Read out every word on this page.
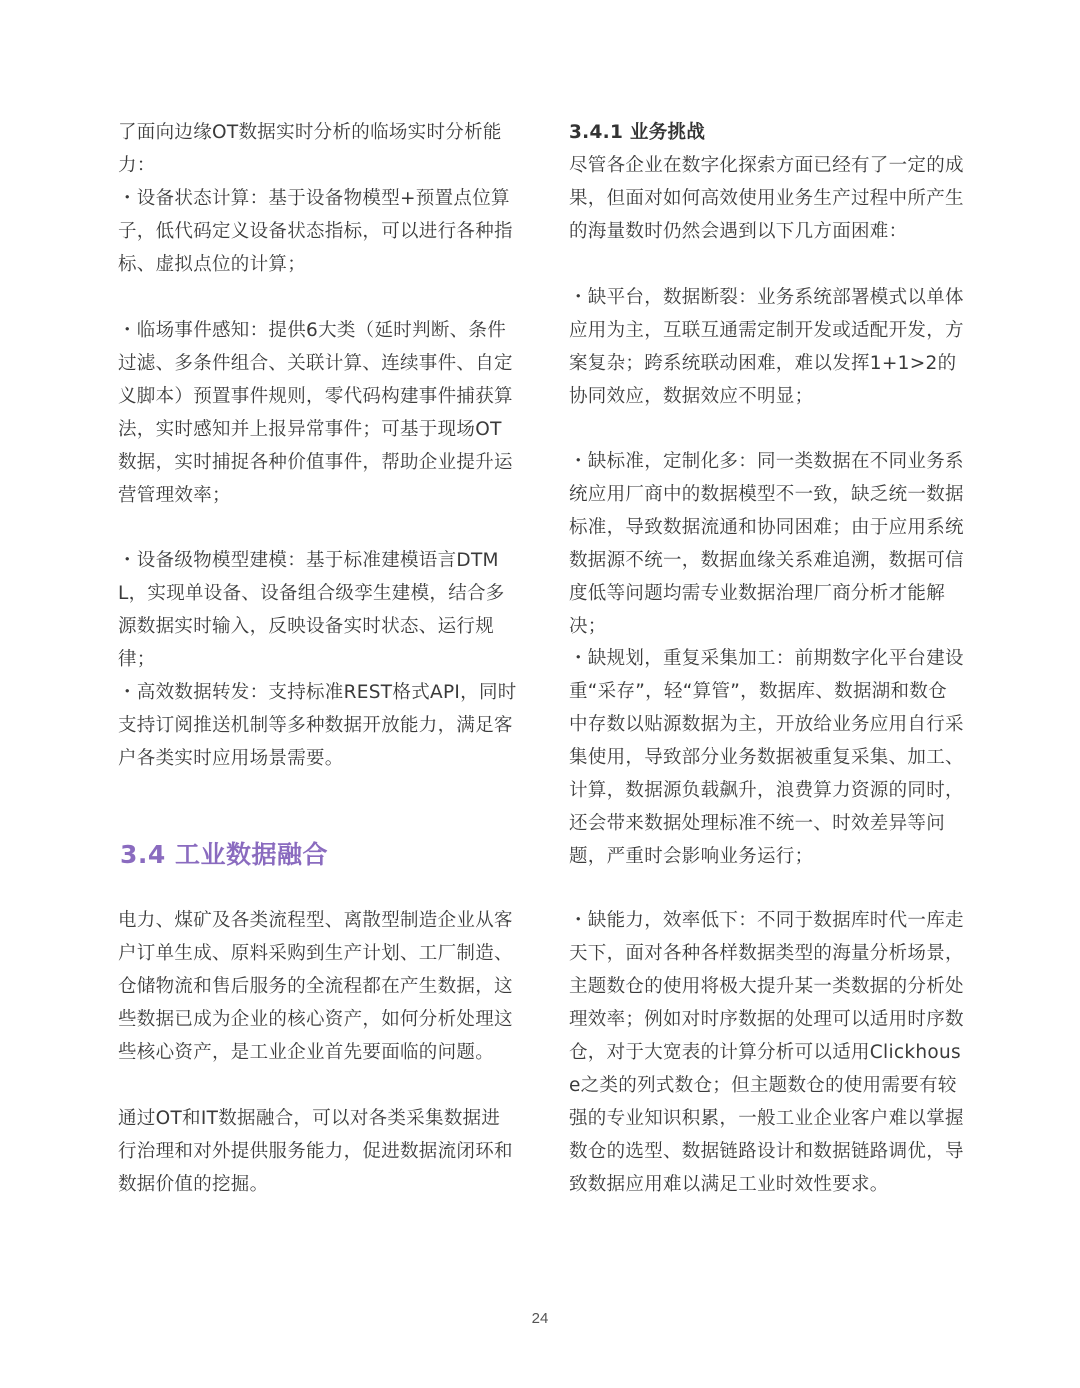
了面向边缘OT数据实时分析的临场实时分析能力：

・设备状态计算：基于设备物模型+预置点位算子，低代码定义设备状态指标，可以进行各种指标、虚拟点位的计算；

・临场事件感知：提供6大类（延时判断、条件过滤、多条件组合、关联计算、连续事件、自定义脚本）预置事件规则，零代码构建事件捕获算法，实时感知并上报异常事件；可基于现场OT数据，实时捕捉各种价值事件，帮助企业提升运营管理效率；

・设备级物模型建模：基于标准建模语言DTML，实现单设备、设备组合级孪生建模，结合多源数据实时输入，反映设备实时状态、运行规律；

・高效数据转发：支持标准REST格式API，同时支持订阅推送机制等多种数据开放能力，满足客户各类实时应用场景需要。

3.4 工业数据融合

电力、煤矿及各类流程型、离散型制造企业从客户订单生成、原料采购到生产计划、工厂制造、仓储物流和售后服务的全流程都在产生数据，这些数据已成为企业的核心资产，如何分析处理这些核心资产，是工业企业首先要面临的问题。

通过OT和IT数据融合，可以对各类采集数据进行治理和对外提供服务能力，促进数据流闭环和数据价值的挖掘。

3.4.1 业务挑战

尽管各企业在数字化探索方面已经有了一定的成果，但面对如何高效使用业务生产过程中所产生的海量数时仍然会遇到以下几方面困难：

・缺平台，数据断裂：业务系统部署模式以单体应用为主，互联互通需定制开发或适配开发，方案复杂；跨系统联动困难，难以发挥1+1>2的协同效应，数据效应不明显；

・缺标准，定制化多：同一类数据在不同业务系统应用厂商中的数据模型不一致，缺乏统一数据标准，导致数据流通和协同困难；由于应用系统数据源不统一，数据血缘关系难追溯，数据可信度低等问题均需专业数据治理厂商分析才能解决；

・缺规划，重复采集加工：前期数字化平台建设重“采存”，轻“算管”，数据库、数据湖和数仓中存数以贴源数据为主，开放给业务应用自行采集使用，导致部分业务数据被重复采集、加工、计算，数据源负载飙升，浪费算力资源的同时，还会带来数据处理标准不统一、时效差异等问题，严重时会影响业务运行；

・缺能力，效率低下：不同于数据库时代一库走天下，面对各种各样数据类型的海量分析场景，主题数仓的使用将极大提升某一类数据的分析处理效率；例如对时序数据的处理可以适用时序数仓，对于大宽表的计算分析可以适用Clickhouse之类的列式数仓；但主题数仓的使用需要有较强的专业知识积累，一般工业企业客户难以掌握数仓的选型、数据链路设计和数据链路调优，导致数据应用难以满足工业时效性要求。

24
